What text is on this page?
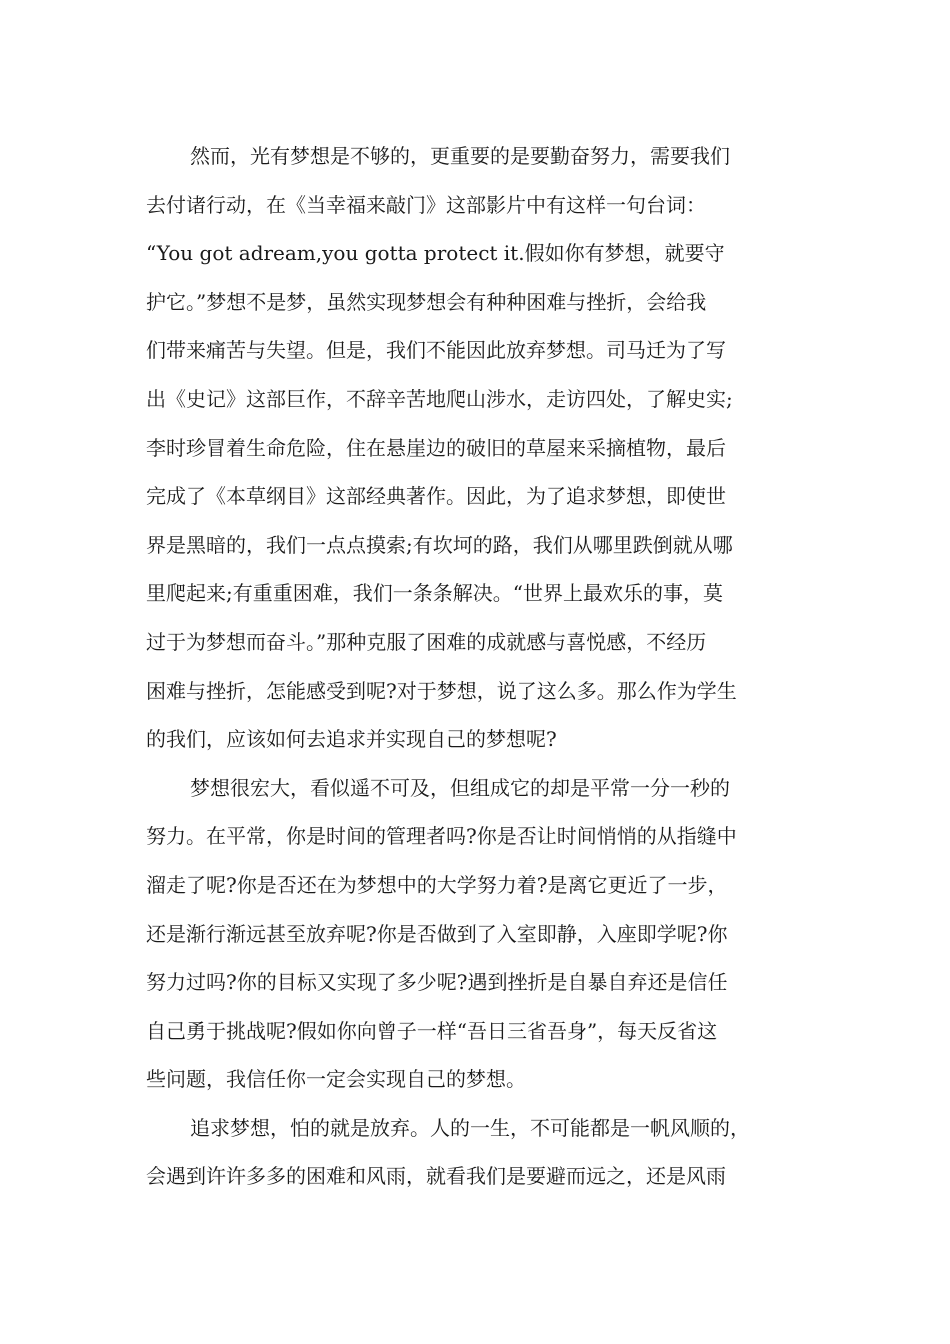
然而，光有梦想是不够的，更重要的是要勤奋努力，需要我们
去付诸行动，在《当幸福来敲门》这部影片中有这样一句台词：
“You got adream,you gotta protect it.假如你有梦想，就要守
护它。”梦想不是梦，虽然实现梦想会有种种困难与挫折，会给我
们带来痛苦与失望。但是，我们不能因此放弃梦想。司马迁为了写
出《史记》这部巨作，不辞辛苦地爬山涉水，走访四处，了解史实;
李时珍冒着生命危险，住在悬崖边的破旧的草屋来采摘植物，最后
完成了《本草纲目》这部经典著作。因此，为了追求梦想，即使世
界是黑暗的，我们一点点摸索;有坎坷的路，我们从哪里跌倒就从哪
里爬起来;有重重困难，我们一条条解决。“世界上最欢乐的事，莫
过于为梦想而奋斗。”那种克服了困难的成就感与喜悦感，不经历
困难与挫折，怎能感受到呢?对于梦想，说了这么多。那么作为学生
的我们，应该如何去追求并实现自己的梦想呢?
梦想很宏大，看似遥不可及，但组成它的却是平常一分一秒的
努力。在平常，你是时间的管理者吗?你是否让时间悄悄的从指缝中
溜走了呢?你是否还在为梦想中的大学努力着?是离它更近了一步，
还是渐行渐远甚至放弃呢?你是否做到了入室即静，入座即学呢?你
努力过吗?你的目标又实现了多少呢?遇到挫折是自暴自弃还是信任
自己勇于挑战呢?假如你向曾子一样“吾日三省吾身”，每天反省这
些问题，我信任你一定会实现自己的梦想。
追求梦想，怕的就是放弃。人的一生，不可能都是一帆风顺的，
会遇到许许多多的困难和风雨，就看我们是要避而远之，还是风雨
